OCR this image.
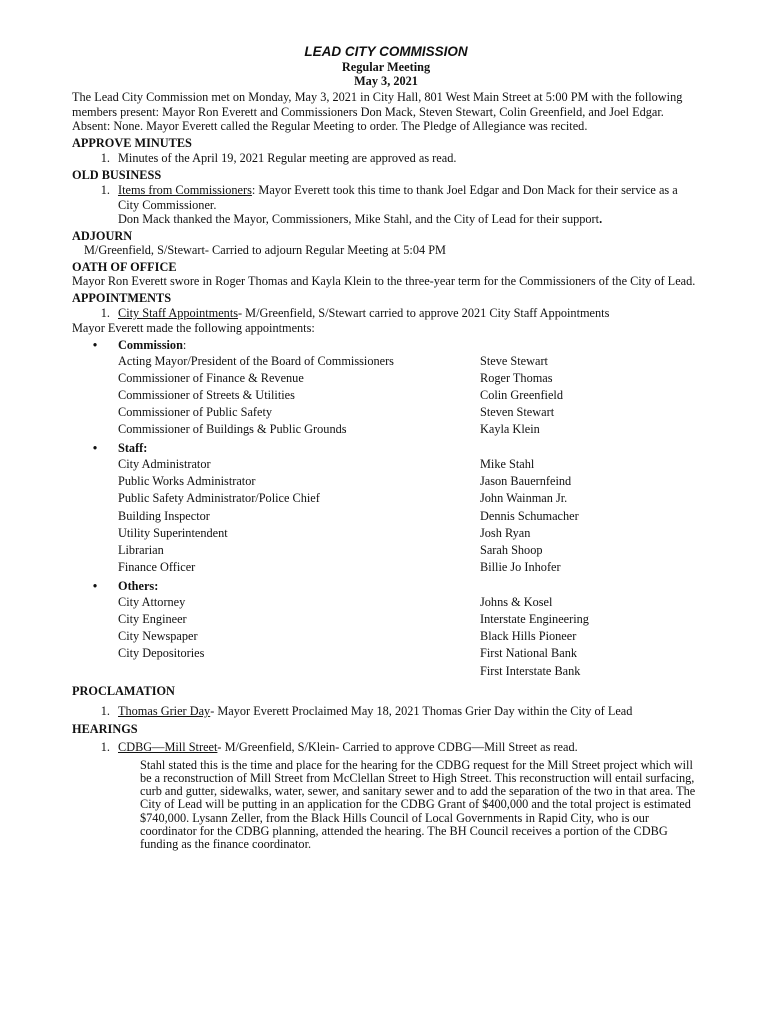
LEAD CITY COMMISSION
Regular Meeting
May 3, 2021
The Lead City Commission met on Monday, May 3, 2021 in City Hall, 801 West Main Street at 5:00 PM with the following members present: Mayor Ron Everett and Commissioners Don Mack, Steven Stewart, Colin Greenfield, and Joel Edgar. Absent: None. Mayor Everett called the Regular Meeting to order. The Pledge of Allegiance was recited.
APPROVE MINUTES
1. Minutes of the April 19, 2021 Regular meeting are approved as read.
OLD BUSINESS
1. Items from Commissioners: Mayor Everett took this time to thank Joel Edgar and Don Mack for their service as a City Commissioner.
Don Mack thanked the Mayor, Commissioners, Mike Stahl, and the City of Lead for their support.
ADJOURN
M/Greenfield, S/Stewart- Carried to adjourn Regular Meeting at 5:04 PM
OATH OF OFFICE
Mayor Ron Everett swore in Roger Thomas and Kayla Klein to the three-year term for the Commissioners of the City of Lead.
APPOINTMENTS
1. City Staff Appointments- M/Greenfield, S/Stewart carried to approve 2021 City Staff Appointments
Mayor Everett made the following appointments:
•	Commission:
Acting Mayor/President of the Board of Commissioners	Steve Stewart
Commissioner of Finance & Revenue	Roger Thomas
Commissioner of Streets & Utilities	Colin Greenfield
Commissioner of Public Safety	Steven Stewart
Commissioner of Buildings & Public Grounds	Kayla Klein
•	Staff:
City Administrator	Mike Stahl
Public Works Administrator	Jason Bauernfeind
Public Safety Administrator/Police Chief	John Wainman Jr.
Building Inspector	Dennis Schumacher
Utility Superintendent	Josh Ryan
Librarian	Sarah Shoop
Finance Officer	Billie Jo Inhofer
•	Others:
City Attorney	Johns & Kosel
City Engineer	Interstate Engineering
City Newspaper	Black Hills Pioneer
City Depositories	First National Bank
First Interstate Bank
PROCLAMATION
1. Thomas Grier Day- Mayor Everett Proclaimed May 18, 2021 Thomas Grier Day within the City of Lead
HEARINGS
1. CDBG—Mill Street- M/Greenfield, S/Klein- Carried to approve CDBG—Mill Street as read.
Stahl stated this is the time and place for the hearing for the CDBG request for the Mill Street project which will be a reconstruction of Mill Street from McClellan Street to High Street. This reconstruction will entail surfacing, curb and gutter, sidewalks, water, sewer, and sanitary sewer and to add the separation of the two in that area. The City of Lead will be putting in an application for the CDBG Grant of $400,000 and the total project is estimated $740,000. Lysann Zeller, from the Black Hills Council of Local Governments in Rapid City, who is our coordinator for the CDBG planning, attended the hearing. The BH Council receives a portion of the CDBG funding as the finance coordinator.
